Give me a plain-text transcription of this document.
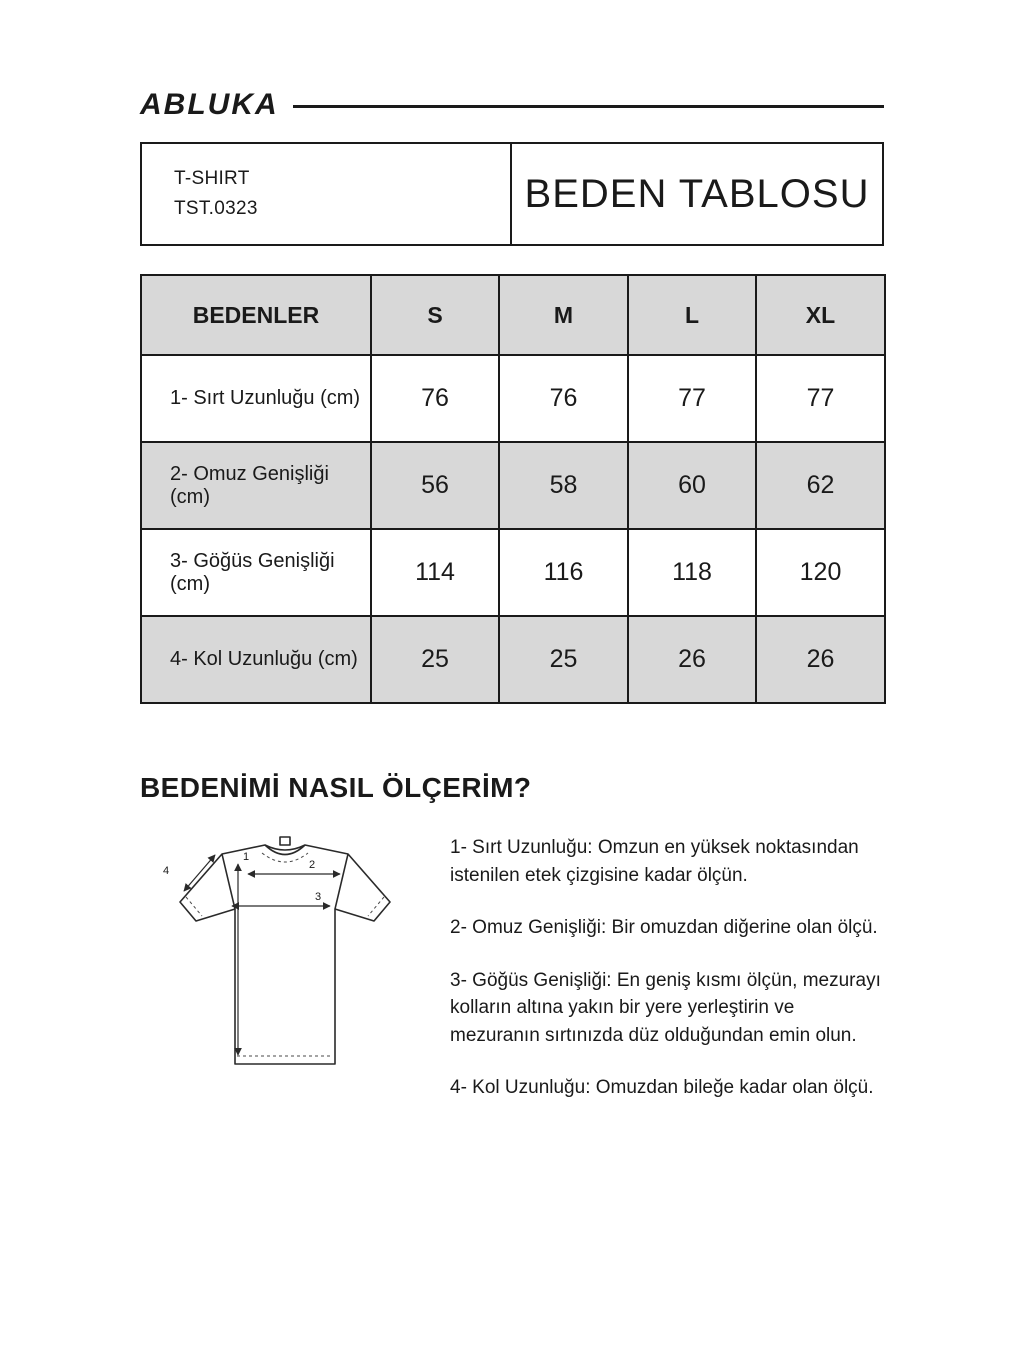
ABLUKA
T-SHIRT
TST.0323	BEDEN TABLOSU
BEDENLER	S	M	L	XL
1- Sırt Uzunluğu (cm)	76	76	77	77
2- Omuz Genişliği (cm)	56	58	60	62
3- Göğüs Genişliği (cm)	114	116	118	120
4- Kol Uzunluğu (cm)	25	25	26	26
BEDENİMİ NASIL ÖLÇERİM?
1
2
3
4

1- Sırt Uzunluğu: Omzun en yüksek noktasından istenilen etek çizgisine kadar ölçün.

2- Omuz Genişliği: Bir omuzdan diğerine olan ölçü.

3- Göğüs Genişliği: En geniş kısmı ölçün, mezurayı kolların altına yakın bir yere yerleştirin ve mezuranın sırtınızda düz olduğundan emin olun.

4- Kol Uzunluğu: Omuzdan bileğe kadar olan ölçü.
